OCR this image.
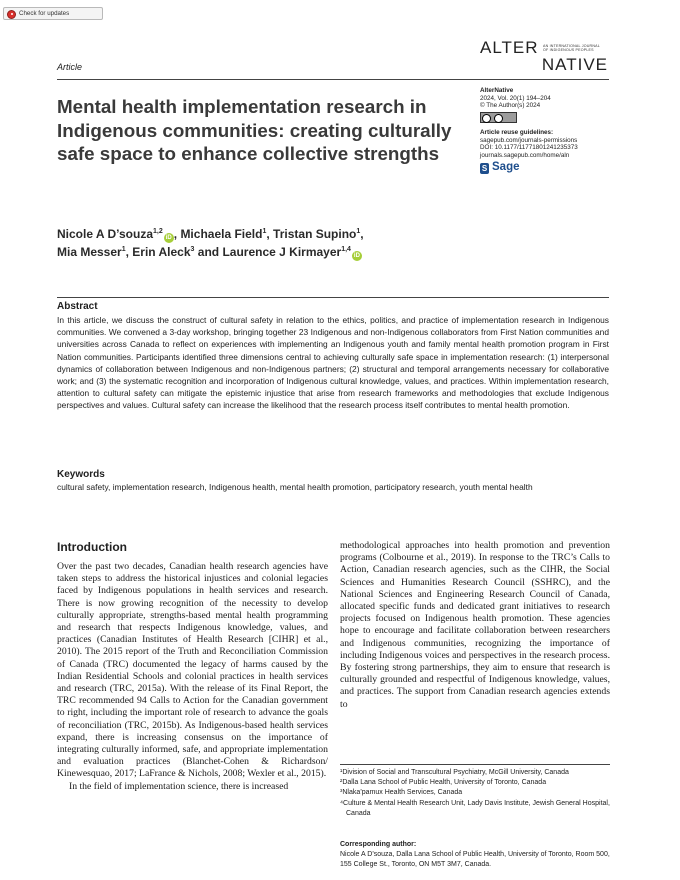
Check for updates
Article
ALTER AN INTERNATIONAL JOURNAL OF INDIGENOUS PEOPLES
NATIVE
AlterNative
2024, Vol. 20(1) 194–204
© The Author(s) 2024
Article reuse guidelines:
sagepub.com/journals-permissions
DOI: 10.1177/11771801241235373
journals.sagepub.com/home/aln
S Sage
Mental health implementation research in Indigenous communities: creating culturally safe space to enhance collective strengths
Nicole A D’souza$^{1,2}$iD , Michaela Field$^1$, Tristan Supino$^1$,
Mia Messer$^1$, Erin Aleck$^3$ and Laurence J Kirmayer$^{1,4}$iD
Abstract

In this article, we discuss the construct of cultural safety in relation to the ethics, politics, and practice of implementation research in Indigenous communities. We convened a 3-day workshop, bringing together 23 Indigenous and non-Indigenous collaborators from First Nation communities and universities across Canada to reflect on experiences with implementing an Indigenous youth and family mental health promotion program in First Nation communities. Participants identified three dimensions central to achieving culturally safe space in implementation research: (1) interpersonal dynamics of collaboration between Indigenous and non-Indigenous partners; (2) structural and temporal arrangements necessary for collaborative work; and (3) the systematic recognition and incorporation of Indigenous cultural knowledge, values, and practices. Within implementation research, attention to cultural safety can mitigate the epistemic injustice that arise from research frameworks and methodologies that exclude Indigenous perspectives and values. Cultural safety can increase the likelihood that the research process itself contributes to mental health promotion.

Keywords

cultural safety, implementation research, Indigenous health, mental health promotion, participatory research, youth mental health

Introduction

Over the past two decades, Canadian health research agencies have taken steps to address the historical injustices and colonial legacies faced by Indigenous populations in health services and research. There is now growing recognition of the necessity to develop culturally appropriate, strengths-based mental health programming and research that respects Indigenous knowledge, values, and practices (Canadian Institutes of Health Research [CIHR] et al., 2010). The 2015 report of the Truth and Reconciliation Commission of Canada (TRC) documented the legacy of harms caused by the Indian Residential Schools and colonial practices in health services and research (TRC, 2015a). With the release of its Final Report, the TRC recommended 94 Calls to Action for the Canadian government to right, including the important role of research to advance the goals of reconciliation (TRC, 2015b). As Indigenous-based health services expand, there is increasing consensus on the importance of integrating culturally informed, safe, and appropriate implementation and evaluation practices (Blanchet-Cohen & Richardson/ Kinewesquao, 2017; LaFrance & Nichols, 2008; Wexler et al., 2015).

In the field of implementation science, there is increased

methodological approaches into health promotion and prevention programs (Colbourne et al., 2019). In response to the TRC’s Calls to Action, Canadian research agencies, such as the CIHR, the Social Sciences and Humanities Research Council (SSHRC), and the National Sciences and Engineering Research Council of Canada, allocated specific funds and dedicated grant initiatives to research projects focused on Indigenous health promotion. These agencies hope to encourage and facilitate collaboration between researchers and Indigenous communities, recognizing the importance of including Indigenous voices and perspectives in the research process. By fostering strong partnerships, they aim to ensure that research is culturally grounded and respectful of Indigenous knowledge, values, and practices. The support from Canadian research agencies extends to

¹Division of Social and Transcultural Psychiatry, McGill University, Canada
²Dalla Lana School of Public Health, University of Toronto, Canada
³Nlaka’pamux Health Services, Canada
⁴Culture & Mental Health Research Unit, Lady Davis Institute, Jewish General Hospital, Canada
Corresponding author:
Nicole A D’souza, Dalla Lana School of Public Health, University of Toronto, Room 500, 155 College St., Toronto, ON M5T 3M7, Canada.
